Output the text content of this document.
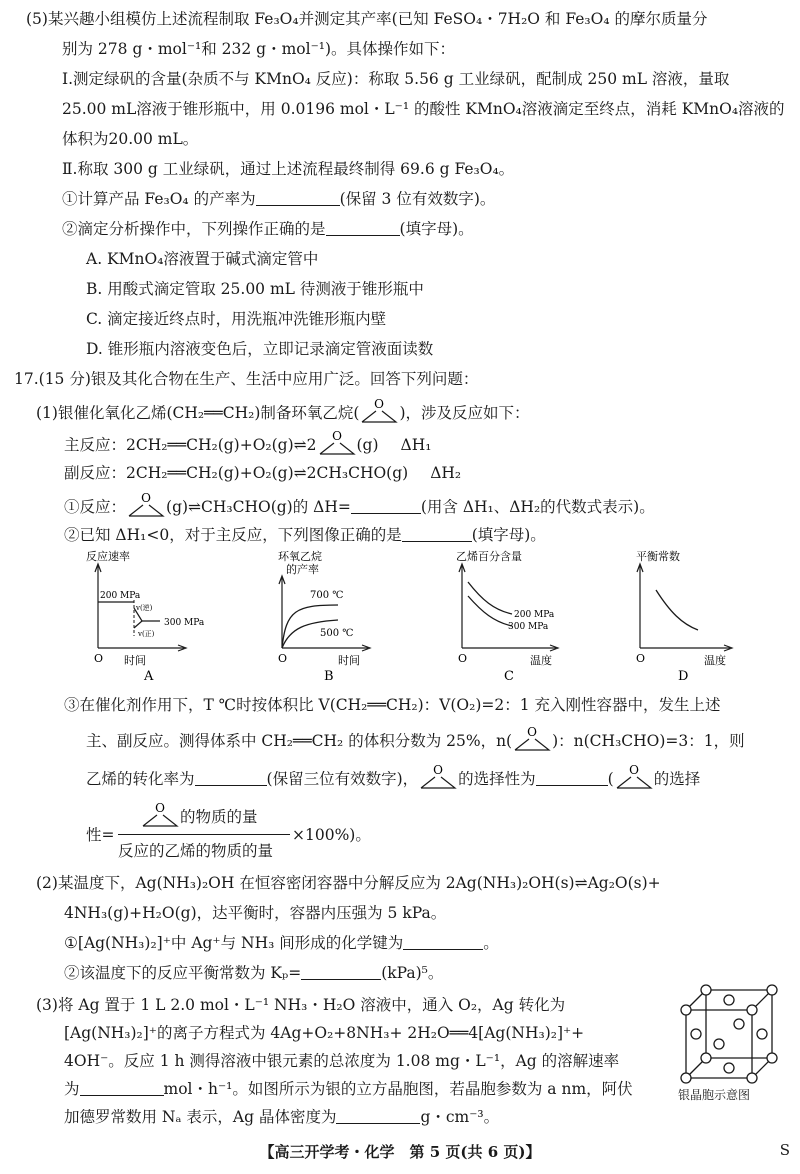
(5)某兴趣小组模仿上述流程制取 Fe₃O₄并测定其产率(已知 FeSO₄・7H₂O 和 Fe₃O₄ 的摩尔质量分
别为 278 g・mol⁻¹和 232 g・mol⁻¹)。具体操作如下：
Ⅰ.测定绿矾的含量(杂质不与 KMnO₄ 反应)：称取 5.56 g 工业绿矾，配制成 250 mL 溶液，量取
25.00 mL溶液于锥形瓶中，用 0.0196 mol・L⁻¹ 的酸性 KMnO₄溶液滴定至终点，消耗 KMnO₄溶液的
体积为20.00 mL。
Ⅱ.称取 300 g 工业绿矾，通过上述流程最终制得 69.6 g Fe₃O₄。
①计算产品 Fe₃O₄ 的产率为	(保留 3 位有效数字)。
②滴定分析操作中，下列操作正确的是	(填字母)。
A. KMnO₄溶液置于碱式滴定管中
B. 用酸式滴定管取 25.00 mL 待测液于锥形瓶中
C. 滴定接近终点时，用洗瓶冲洗锥形瓶内壁
D. 锥形瓶内溶液变色后，立即记录滴定管液面读数
17.(15 分)银及其化合物在生产、生活中应用广泛。回答下列问题：
(1)银催化氧化乙烯(CH₂══CH₂)制备环氧乙烷( O )，涉及反应如下：
主反应：2CH₂══CH₂(g)+O₂(g)⇌2 O (g) ΔH₁
副反应：2CH₂══CH₂(g)+O₂(g)⇌2CH₃CHO(g) ΔH₂
①反应： O (g)⇌CH₃CHO(g)的 ΔH=	(用含 ΔH₁、ΔH₂的代数式表示)。
②已知 ΔH₁<0，对于主反应，下列图像正确的是	(填字母)。
O 时间
反应速率
200 MPa
300 MPa
v(逆)
v(正)
A
O	时间
环氧乙烷
的产率
700 ℃
500 ℃
B
O	温度
乙烯百分含量
200 MPa
300 MPa
C
O	温度
平衡常数
D
③在催化剂作用下，T ℃时按体积比 V(CH₂══CH₂)：V(O₂)=2：1 充入刚性容器中，发生上述
主、副反应。测得体系中 CH₂══CH₂ 的体积分数为 25%，n( O )：n(CH₃CHO)=3：1，则
乙烯的转化率为	(保留三位有效数字)， O 的选择性为	( O 的选择
性=
O 的物质的量
反应的乙烯的物质的量
×100%)。
(2)某温度下，Ag(NH₃)₂OH 在恒容密闭容器中分解反应为 2Ag(NH₃)₂OH(s)⇌Ag₂O(s)+
4NH₃(g)+H₂O(g)，达平衡时，容器内压强为 5 kPa。
①[Ag(NH₃)₂]⁺中 Ag⁺与 NH₃ 间形成的化学键为	。
②该温度下的反应平衡常数为 Kₚ=	(kPa)⁵。
(3)将 Ag 置于 1 L 2.0 mol・L⁻¹ NH₃・H₂O 溶液中，通入 O₂，Ag 转化为
[Ag(NH₃)₂]⁺的离子方程式为 4Ag+O₂+8NH₃+ 2H₂O══4[Ag(NH₃)₂]⁺+
4OH⁻。反应 1 h 测得溶液中银元素的总浓度为 1.08 mg・L⁻¹，Ag 的溶解速率
为	mol・h⁻¹。如图所示为银的立方晶胞图，若晶胞参数为 a nm，阿伏
加德罗常数用 Nₐ 表示，Ag 晶体密度为	g・cm⁻³。
银晶胞示意图
【高三开学考・化学　第 5 页(共 6 页)】	S
